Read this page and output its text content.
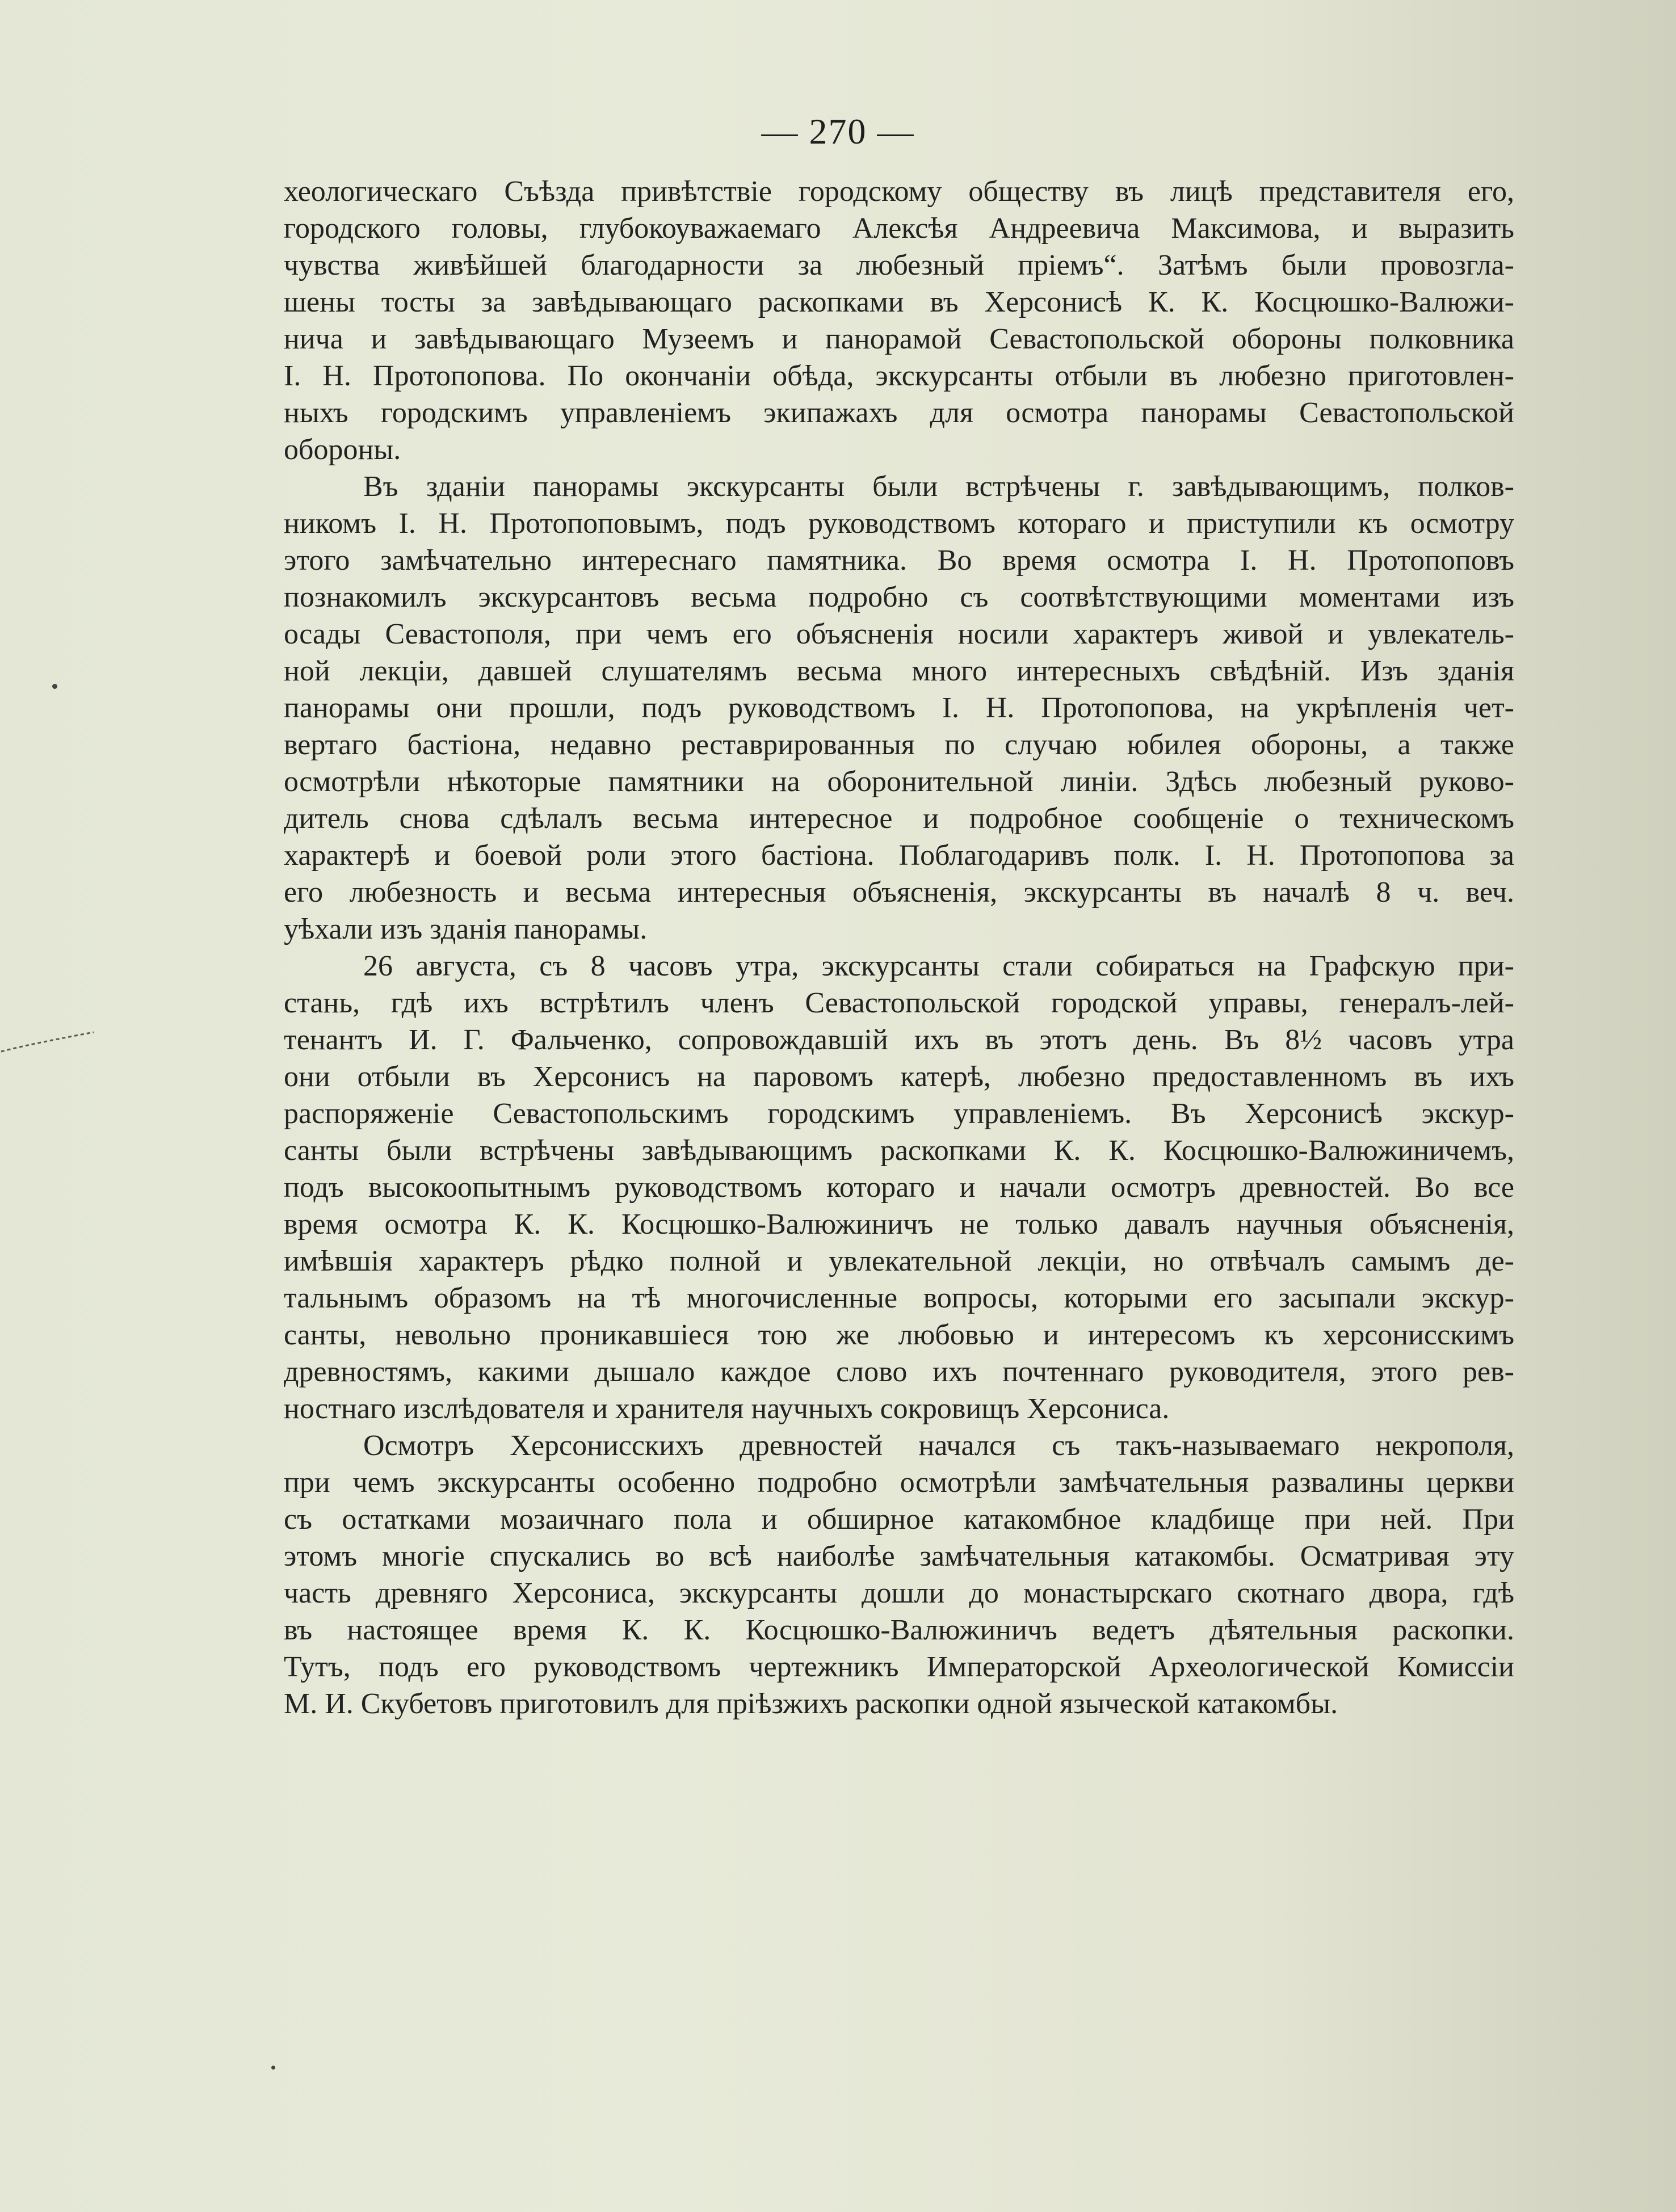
— 270 —
хеологическаго Съѣзда привѣтствіе городскому обществу въ лицѣ представителя его,
городского головы, глубокоуважаемаго Алексѣя Андреевича Максимова, и выразить
чувства живѣйшей благодарности за любезный пріемъ“. Затѣмъ были провозгла-
шены тосты за завѣдывающаго раскопками въ Херсонисѣ К. К. Косцюшко-Валюжи-
нича и завѣдывающаго Музеемъ и панорамой Севастопольской обороны полковника
І. Н. Протопопова. По окончаніи обѣда, экскурсанты отбыли въ любезно приготовлен-
ныхъ городскимъ управленіемъ экипажахъ для осмотра панорамы Севастопольской
обороны.
Въ зданіи панорамы экскурсанты были встрѣчены г. завѣдывающимъ, полков-
никомъ І. Н. Протопоповымъ, подъ руководствомъ котораго и приступили къ осмотру
этого замѣчательно интереснаго памятника. Во время осмотра І. Н. Протопоповъ
познакомилъ экскурсантовъ весьма подробно съ соотвѣтствующими моментами изъ
осады Севастополя, при чемъ его объясненія носили характеръ живой и увлекатель-
ной лекціи, давшей слушателямъ весьма много интересныхъ свѣдѣній. Изъ зданія
панорамы они прошли, подъ руководствомъ І. Н. Протопопова, на укрѣпленія чет-
вертаго бастіона, недавно реставрированныя по случаю юбилея обороны, а также
осмотрѣли нѣкоторые памятники на оборонительной линіи. Здѣсь любезный руково-
дитель снова сдѣлалъ весьма интересное и подробное сообщеніе о техническомъ
характерѣ и боевой роли этого бастіона. Поблагодаривъ полк. І. Н. Протопопова за
его любезность и весьма интересныя объясненія, экскурсанты въ началѣ 8 ч. веч.
уѣхали изъ зданія панорамы.
26 августа, съ 8 часовъ утра, экскурсанты стали собираться на Графскую при-
стань, гдѣ ихъ встрѣтилъ членъ Севастопольской городской управы, генералъ-лей-
тенантъ И. Г. Фальченко, сопровождавшій ихъ въ этотъ день. Въ 8½ часовъ утра
они отбыли въ Херсонисъ на паровомъ катерѣ, любезно предоставленномъ въ ихъ
распоряженіе Севастопольскимъ городскимъ управленіемъ. Въ Херсонисѣ экскур-
санты были встрѣчены завѣдывающимъ раскопками К. К. Косцюшко-Валюжиничемъ,
подъ высокоопытнымъ руководствомъ котораго и начали осмотръ древностей. Во все
время осмотра К. К. Косцюшко-Валюжиничъ не только давалъ научныя объясненія,
имѣвшія характеръ рѣдко полной и увлекательной лекціи, но отвѣчалъ самымъ де-
тальнымъ образомъ на тѣ многочисленные вопросы, которыми его засыпали экскур-
санты, невольно проникавшіеся тою же любовью и интересомъ къ херсонисскимъ
древностямъ, какими дышало каждое слово ихъ почтеннаго руководителя, этого рев-
ностнаго изслѣдователя и хранителя научныхъ сокровищъ Херсониса.
Осмотръ Херсонисскихъ древностей начался съ такъ-называемаго некрополя,
при чемъ экскурсанты особенно подробно осмотрѣли замѣчательныя развалины церкви
съ остатками мозаичнаго пола и обширное катакомбное кладбище при ней. При
этомъ многіе спускались во всѣ наиболѣе замѣчательныя катакомбы. Осматривая эту
часть древняго Херсониса, экскурсанты дошли до монастырскаго скотнаго двора, гдѣ
въ настоящее время К. К. Косцюшко-Валюжиничъ ведетъ дѣятельныя раскопки.
Тутъ, подъ его руководствомъ чертежникъ Императорской Археологической Комиссіи
М. И. Скубетовъ приготовилъ для пріѣзжихъ раскопки одной языческой катакомбы.
